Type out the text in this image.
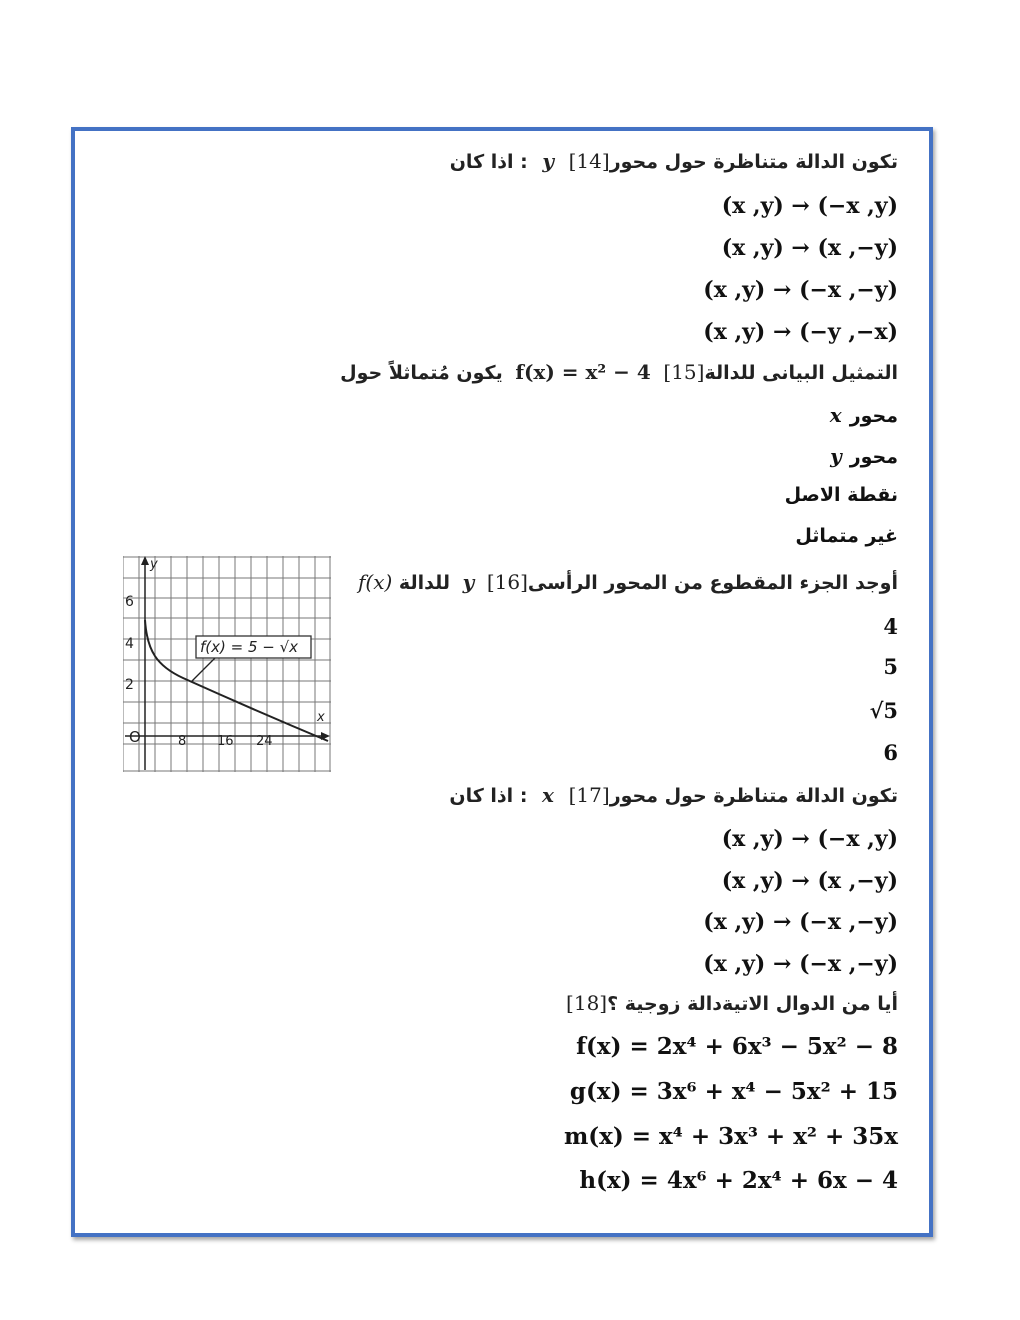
اذا كان : y	تكون الدالة متناظرة حول محور[14]
(x ,y) → (−x ,y)
(x ,y) → (x ,−y)
(x ,y) → (−x ,−y)
(x ,y) → (−y ,−x)
يكون مُتماثلاً حول f(x) = x² − 4	التمثيل البيانى للدالة[15]
x محور
y محور
نقطة الاصل
غير متماثل
f(x) للدالة y	أوجد الجزء المقطوع من المحور الرأسى[16]
4
5
√5
6
f(x) = 5 − √x
y
x
O
6
4
2
8 16 24
اذا كان : x	تكون الدالة متناظرة حول محور[17]
(x ,y) → (−x ,y)
(x ,y) → (x ,−y)
(x ,y) → (−x ,−y)
(x ,y) → (−x ,−y)
أيا من الدوال الاتيةدالة زوجية ؟[18]
f(x) = 2x⁴ + 6x³ − 5x² − 8
g(x) = 3x⁶ + x⁴ − 5x² + 15
m(x) = x⁴ + 3x³ + x² + 35x
h(x) = 4x⁶ + 2x⁴ + 6x − 4
